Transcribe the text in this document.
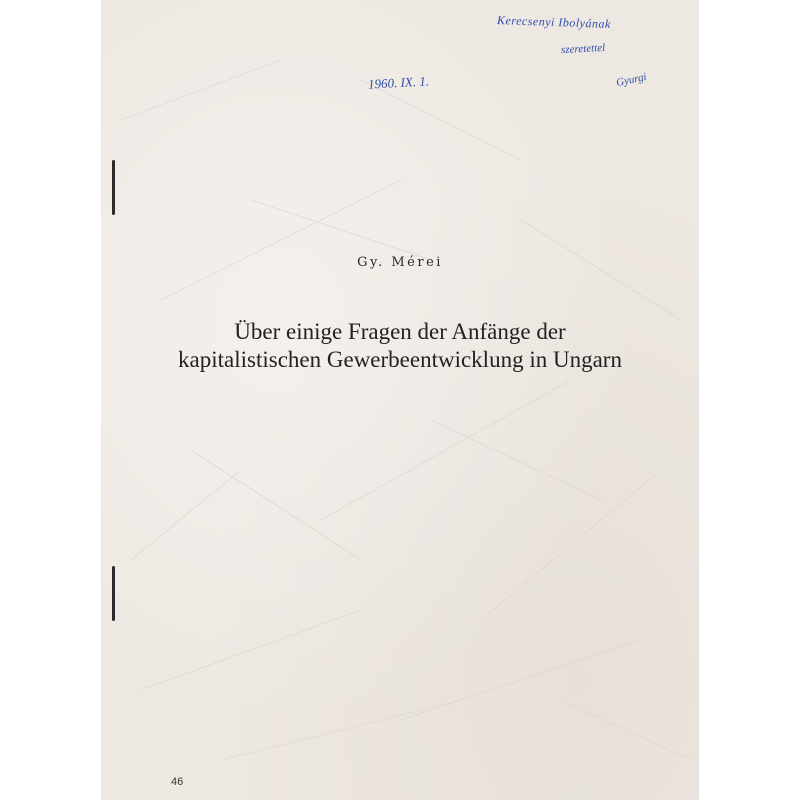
Gy. Mérei
Über einige Fragen der Anfänge der
kapitalistischen Gewerbeentwicklung in Ungarn
46
1960. IX. 1.
Kerecsenyi Ibolyának
szeretettel
Gyurgi
